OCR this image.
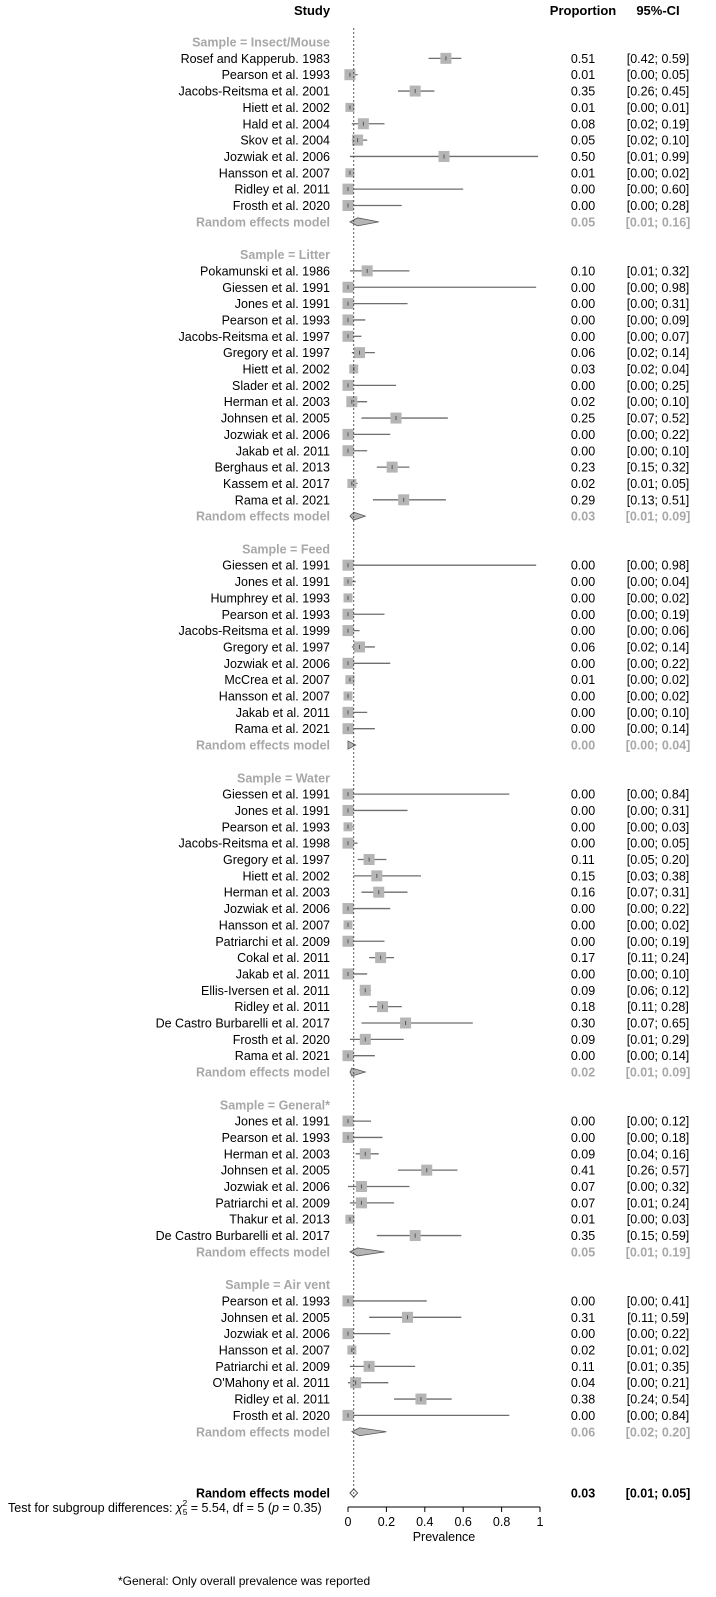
Study	Proportion 95%-CI
Sample = Insect/Mouse
Rosef and Kapperub. 1983	0.51	[0.42; 0.59]
Pearson et al. 1993	0.01	[0.00; 0.05]
Jacobs-Reitsma et al. 2001	0.35	[0.26; 0.45]
Hiett et al. 2002	0.01	[0.00; 0.01]
Hald et al. 2004	0.08	[0.02; 0.19]
Skov et al. 2004	0.05	[0.02; 0.10]
Jozwiak et al. 2006	0.50	[0.01; 0.99]
Hansson et al. 2007	0.01	[0.00; 0.02]
Ridley et al. 2011	0.00	[0.00; 0.60]
Frosth et al. 2020	0.00	[0.00; 0.28]
Random effects model	0.05 [0.01; 0.16]
Sample = Litter
Pokamunski et al. 1986	0.10	[0.01; 0.32]
Giessen et al. 1991	0.00	[0.00; 0.98]
Jones et al. 1991	0.00	[0.00; 0.31]
Pearson et al. 1993	0.00	[0.00; 0.09]
Jacobs-Reitsma et al. 1997	0.00	[0.00; 0.07]
Gregory et al. 1997	0.06	[0.02; 0.14]
Hiett et al. 2002	0.03	[0.02; 0.04]
Slader et al. 2002	0.00	[0.00; 0.25]
Herman et al. 2003	0.02	[0.00; 0.10]
Johnsen et al. 2005	0.25	[0.07; 0.52]
Jozwiak et al. 2006	0.00	[0.00; 0.22]
Jakab et al. 2011	0.00	[0.00; 0.10]
Berghaus et al. 2013	0.23	[0.15; 0.32]
Kassem et al. 2017	0.02	[0.01; 0.05]
Rama et al. 2021	0.29	[0.13; 0.51]
Random effects model	0.03 [0.01; 0.09]
Sample = Feed
Giessen et al. 1991	0.00	[0.00; 0.98]
Jones et al. 1991	0.00	[0.00; 0.04]
Humphrey et al. 1993	0.00	[0.00; 0.02]
Pearson et al. 1993	0.00	[0.00; 0.19]
Jacobs-Reitsma et al. 1999	0.00	[0.00; 0.06]
Gregory et al. 1997	0.06	[0.02; 0.14]
Jozwiak et al. 2006	0.00	[0.00; 0.22]
McCrea et al. 2007	0.01	[0.00; 0.02]
Hansson et al. 2007	0.00	[0.00; 0.02]
Jakab et al. 2011	0.00	[0.00; 0.10]
Rama et al. 2021	0.00	[0.00; 0.14]
Random effects model	0.00 [0.00; 0.04]
Sample = Water
Giessen et al. 1991	0.00	[0.00; 0.84]
Jones et al. 1991	0.00	[0.00; 0.31]
Pearson et al. 1993	0.00	[0.00; 0.03]
Jacobs-Reitsma et al. 1998	0.00	[0.00; 0.05]
Gregory et al. 1997	0.11	[0.05; 0.20]
Hiett et al. 2002	0.15	[0.03; 0.38]
Herman et al. 2003	0.16	[0.07; 0.31]
Jozwiak et al. 2006	0.00	[0.00; 0.22]
Hansson et al. 2007	0.00	[0.00; 0.02]
Patriarchi et al. 2009	0.00	[0.00; 0.19]
Cokal et al. 2011	0.17	[0.11; 0.24]
Jakab et al. 2011	0.00	[0.00; 0.10]
Ellis-Iversen et al. 2011	0.09	[0.06; 0.12]
Ridley et al. 2011	0.18	[0.11; 0.28]
De Castro Burbarelli et al. 2017	0.30	[0.07; 0.65]
Frosth et al. 2020	0.09	[0.01; 0.29]
Rama et al. 2021	0.00	[0.00; 0.14]
Random effects model	0.02 [0.01; 0.09]
Sample = General*
Jones et al. 1991	0.00	[0.00; 0.12]
Pearson et al. 1993	0.00	[0.00; 0.18]
Herman et al. 2003	0.09	[0.04; 0.16]
Johnsen et al. 2005	0.41	[0.26; 0.57]
Jozwiak et al. 2006	0.07	[0.00; 0.32]
Patriarchi et al. 2009	0.07	[0.01; 0.24]
Thakur et al. 2013	0.01	[0.00; 0.03]
De Castro Burbarelli et al. 2017	0.35	[0.15; 0.59]
Random effects model	0.05 [0.01; 0.19]
Sample = Air vent
Pearson et al. 1993	0.00	[0.00; 0.41]
Johnsen et al. 2005	0.31	[0.11; 0.59]
Jozwiak et al. 2006	0.00	[0.00; 0.22]
Hansson et al. 2007	0.02	[0.01; 0.02]
Patriarchi et al. 2009	0.11	[0.01; 0.35]
O'Mahony et al. 2011	0.04	[0.00; 0.21]
Ridley et al. 2011	0.38	[0.24; 0.54]
Frosth et al. 2020	0.00	[0.00; 0.84]
Random effects model	0.06 [0.02; 0.20]
Random effects model	0.03 [0.01; 0.05]
0 0.2 0.4 0.6 0.8 1
Prevalence
Test for subgroup differences: $\chi_52 = 5.54$, df = 5 (p = 0.35)
*General: Only overall prevalence was reported
